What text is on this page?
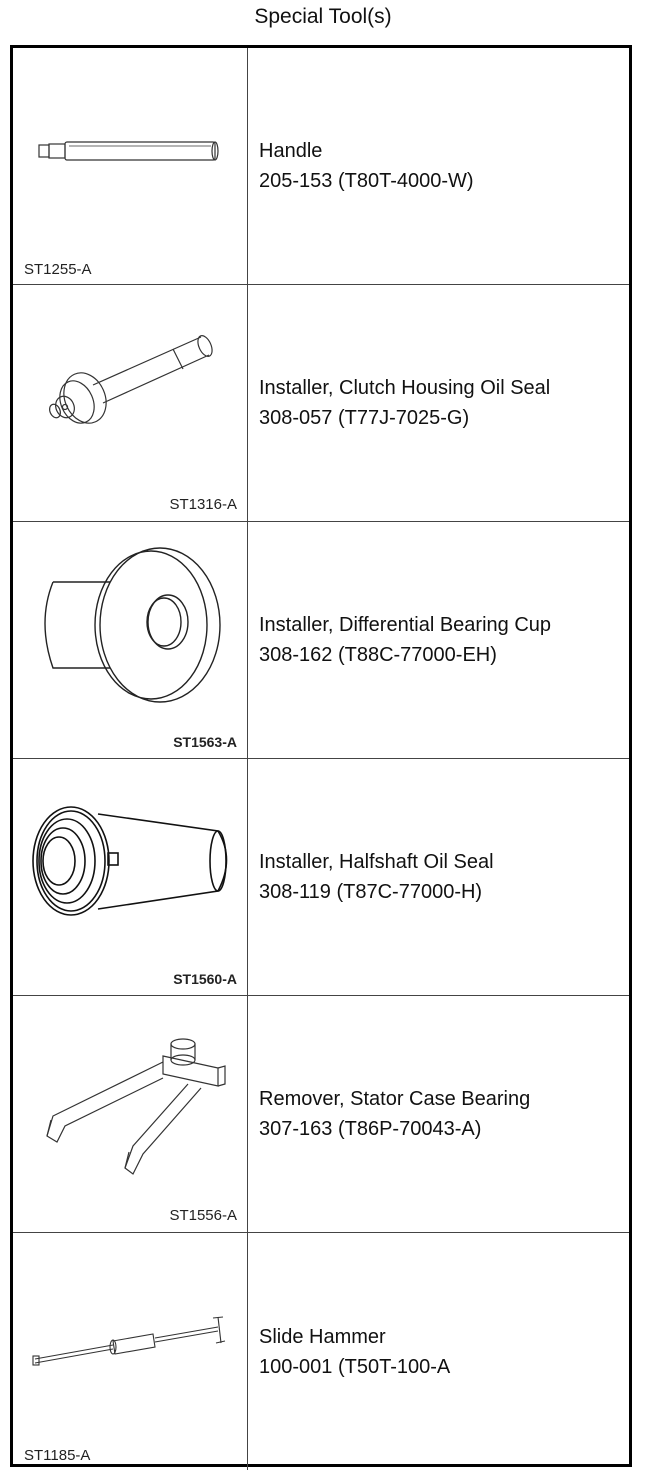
Special Tool(s)
ST1255-A
Handle
205-153 (T80T-4000-W)
ST1316-A
Installer, Clutch Housing Oil Seal
308-057 (T77J-7025-G)
ST1563-A
Installer, Differential Bearing Cup
308-162 (T88C-77000-EH)
ST1560-A
Installer, Halfshaft Oil Seal
308-119 (T87C-77000-H)
ST1556-A
Remover, Stator Case Bearing
307-163 (T86P-70043-A)
ST1185-A
Slide Hammer
100-001 (T50T-100-A
